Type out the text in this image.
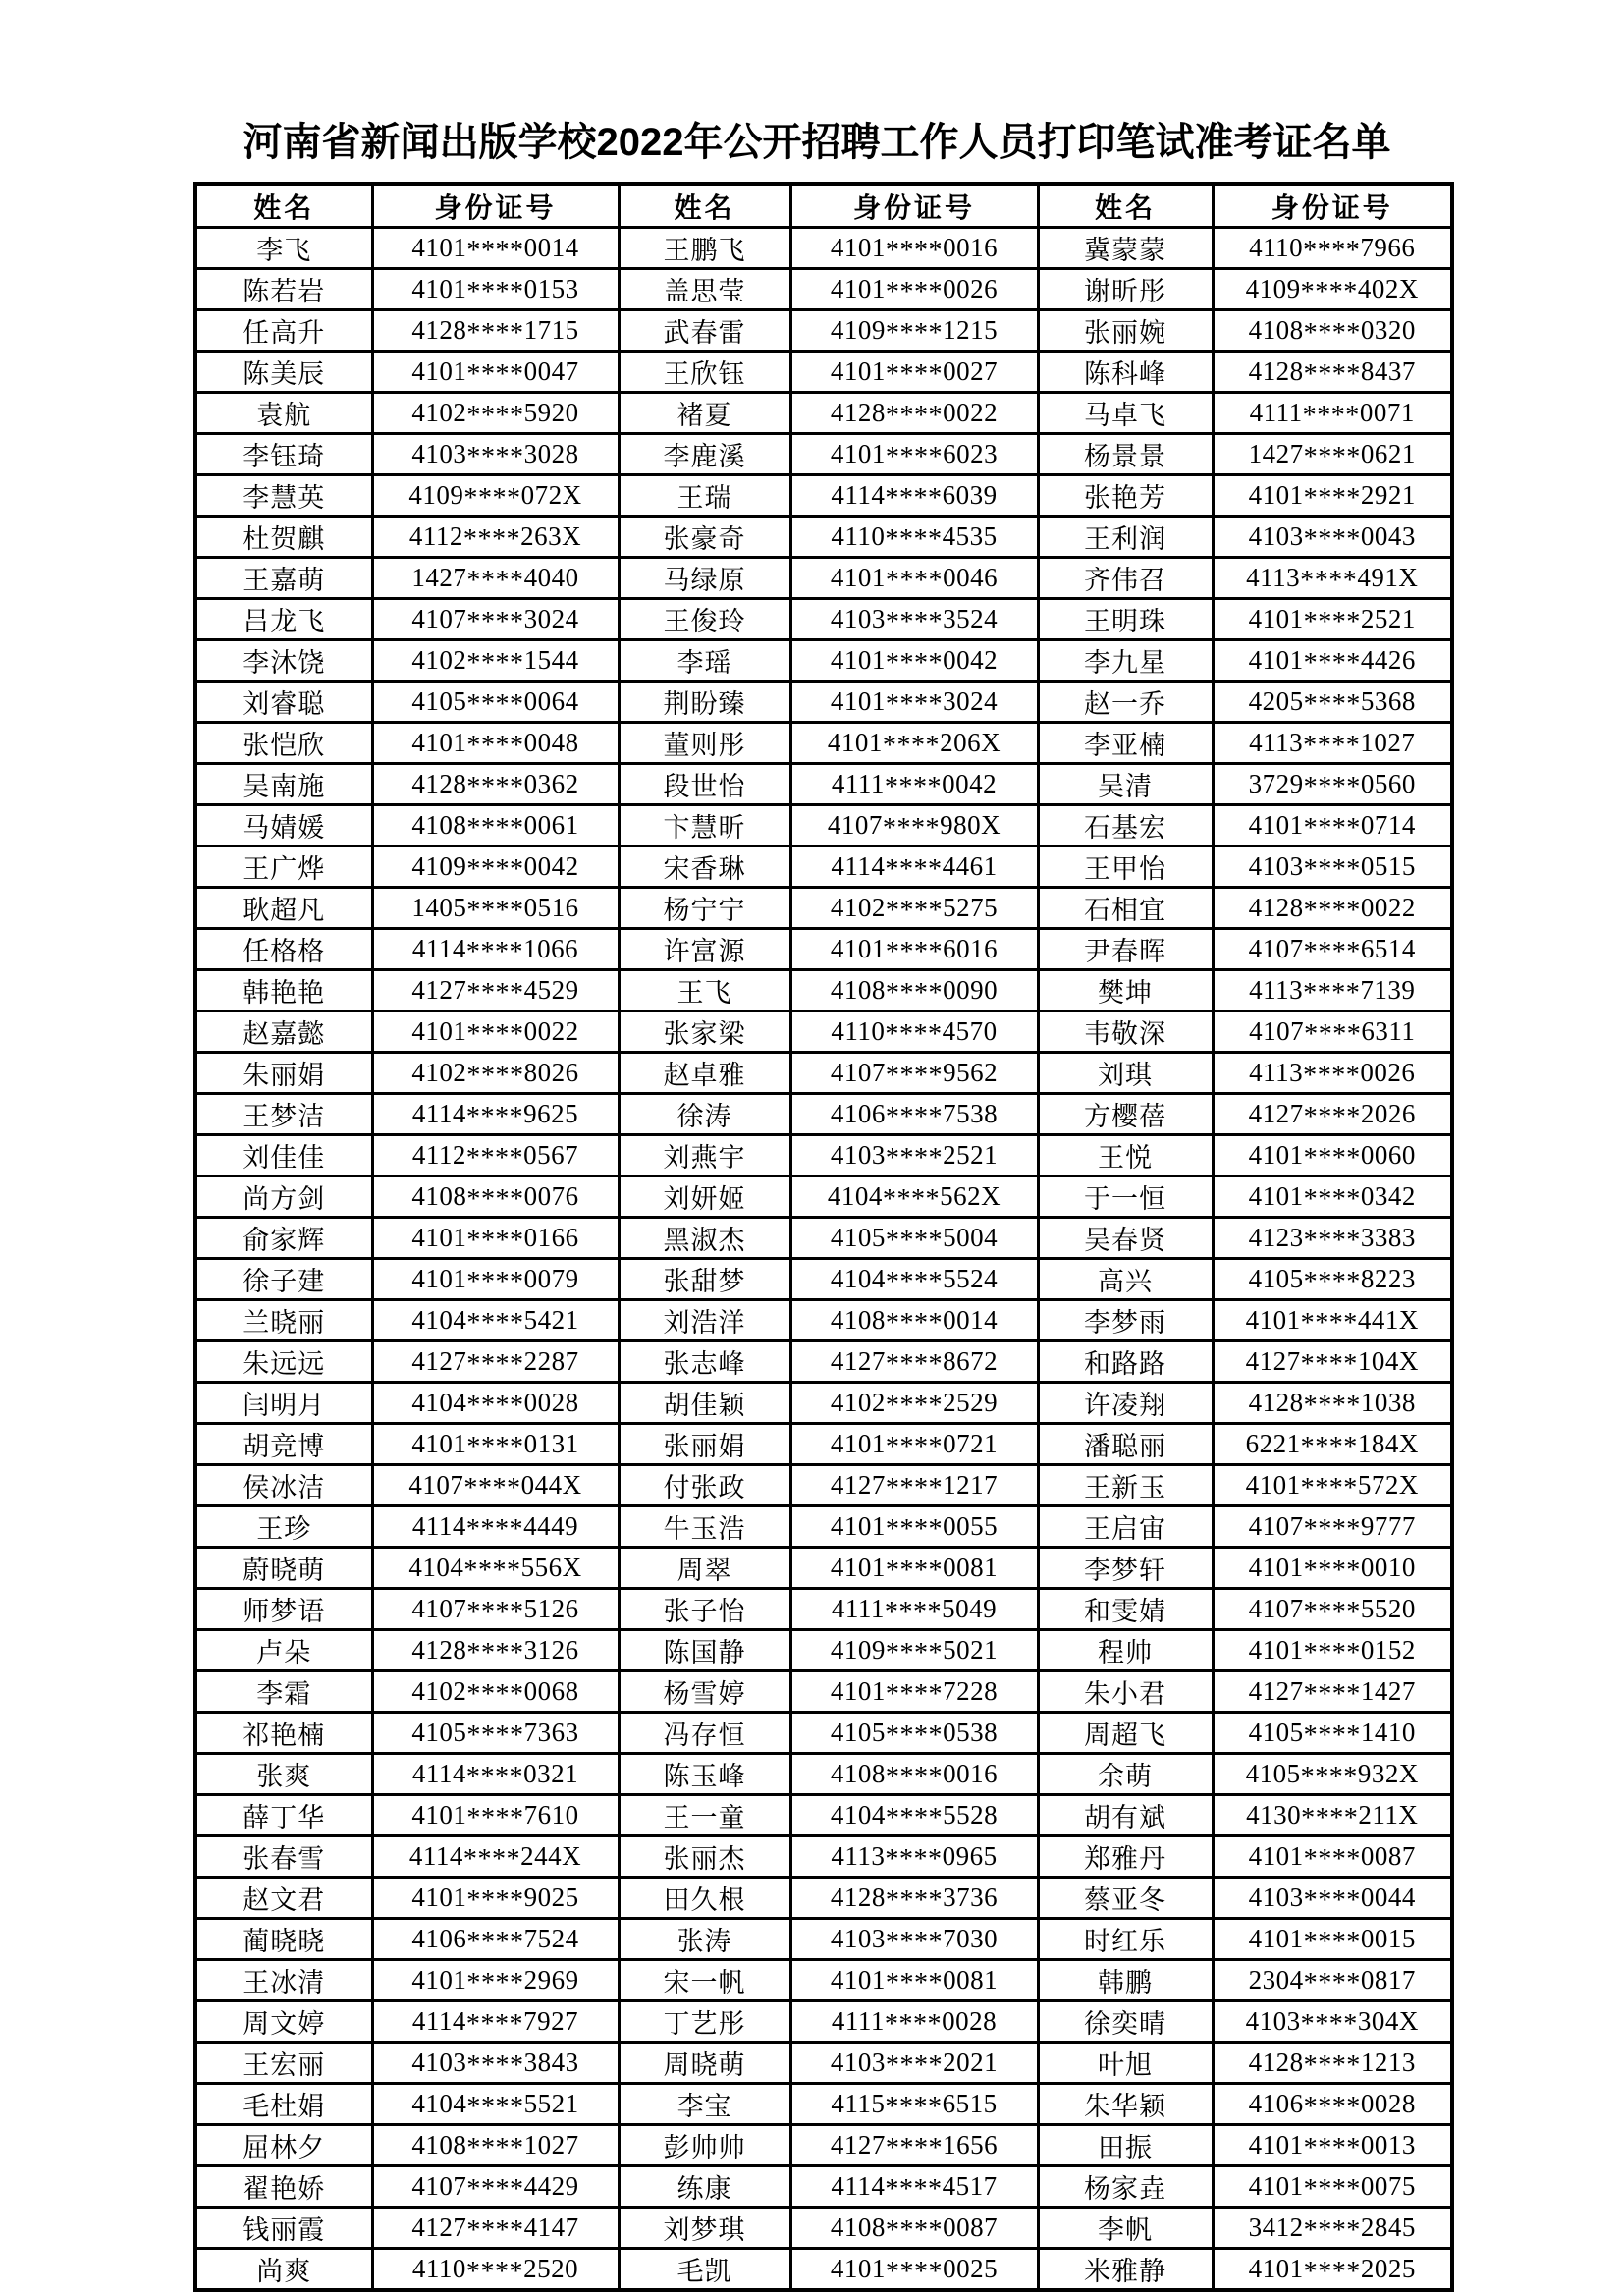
河南省新闻出版学校2022年公开招聘工作人员打印笔试准考证名单
姓名	身份证号	姓名	身份证号	姓名	身份证号
李飞	4101****0014	王鹏飞	4101****0016	冀蒙蒙	4110****7966
陈若岩	4101****0153	盖思莹	4101****0026	谢昕彤	4109****402X
任高升	4128****1715	武春雷	4109****1215	张丽婉	4108****0320
陈美辰	4101****0047	王欣钰	4101****0027	陈科峰	4128****8437
袁航	4102****5920	褚夏	4128****0022	马卓飞	4111****0071
李钰琦	4103****3028	李鹿溪	4101****6023	杨景景	1427****0621
李慧英	4109****072X	王瑞	4114****6039	张艳芳	4101****2921
杜贺麒	4112****263X	张豪奇	4110****4535	王利润	4103****0043
王嘉萌	1427****4040	马绿原	4101****0046	齐伟召	4113****491X
吕龙飞	4107****3024	王俊玲	4103****3524	王明珠	4101****2521
李沐饶	4102****1544	李瑶	4101****0042	李九星	4101****4426
刘睿聪	4105****0064	荆盼臻	4101****3024	赵一乔	4205****5368
张恺欣	4101****0048	董则彤	4101****206X	李亚楠	4113****1027
吴南施	4128****0362	段世怡	4111****0042	吴清	3729****0560
马婧媛	4108****0061	卞慧昕	4107****980X	石基宏	4101****0714
王广烨	4109****0042	宋香琳	4114****4461	王甲怡	4103****0515
耿超凡	1405****0516	杨宁宁	4102****5275	石相宜	4128****0022
任格格	4114****1066	许富源	4101****6016	尹春晖	4107****6514
韩艳艳	4127****4529	王飞	4108****0090	樊坤	4113****7139
赵嘉懿	4101****0022	张家梁	4110****4570	韦敬深	4107****6311
朱丽娟	4102****8026	赵卓雅	4107****9562	刘琪	4113****0026
王梦洁	4114****9625	徐涛	4106****7538	方樱蓓	4127****2026
刘佳佳	4112****0567	刘燕宇	4103****2521	王悦	4101****0060
尚方剑	4108****0076	刘妍姬	4104****562X	于一恒	4101****0342
俞家辉	4101****0166	黑淑杰	4105****5004	吴春贤	4123****3383
徐子建	4101****0079	张甜梦	4104****5524	高兴	4105****8223
兰晓丽	4104****5421	刘浩洋	4108****0014	李梦雨	4101****441X
朱远远	4127****2287	张志峰	4127****8672	和路路	4127****104X
闫明月	4104****0028	胡佳颖	4102****2529	许凌翔	4128****1038
胡竞博	4101****0131	张丽娟	4101****0721	潘聪丽	6221****184X
侯冰洁	4107****044X	付张政	4127****1217	王新玉	4101****572X
王珍	4114****4449	牛玉浩	4101****0055	王启宙	4107****9777
蔚晓萌	4104****556X	周翠	4101****0081	李梦轩	4101****0010
师梦语	4107****5126	张子怡	4111****5049	和雯婧	4107****5520
卢朵	4128****3126	陈国静	4109****5021	程帅	4101****0152
李霜	4102****0068	杨雪婷	4101****7228	朱小君	4127****1427
祁艳楠	4105****7363	冯存恒	4105****0538	周超飞	4105****1410
张爽	4114****0321	陈玉峰	4108****0016	余萌	4105****932X
薛丁华	4101****7610	王一童	4104****5528	胡有斌	4130****211X
张春雪	4114****244X	张丽杰	4113****0965	郑雅丹	4101****0087
赵文君	4101****9025	田久根	4128****3736	蔡亚冬	4103****0044
蔺晓晓	4106****7524	张涛	4103****7030	时红乐	4101****0015
王冰清	4101****2969	宋一帆	4101****0081	韩鹏	2304****0817
周文婷	4114****7927	丁艺彤	4111****0028	徐奕晴	4103****304X
王宏丽	4103****3843	周晓萌	4103****2021	叶旭	4128****1213
毛杜娟	4104****5521	李宝	4115****6515	朱华颖	4106****0028
屈林夕	4108****1027	彭帅帅	4127****1656	田振	4101****0013
翟艳娇	4107****4429	练康	4114****4517	杨家垚	4101****0075
钱丽霞	4127****4147	刘梦琪	4108****0087	李帆	3412****2845
尚爽	4110****2520	毛凯	4101****0025	米雅静	4101****2025
